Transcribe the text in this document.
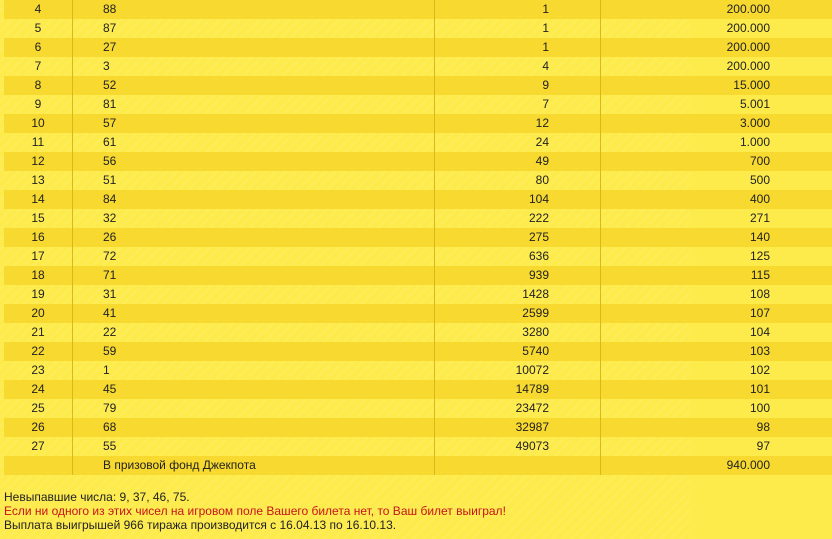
4	88	1	200.000
5	87	1	200.000
6	27	1	200.000
7	3	4	200.000
8	52	9	15.000
9	81	7	5.001
10	57	12	3.000
11	61	24	1.000
12	56	49	700
13	51	80	500
14	84	104	400
15	32	222	271
16	26	275	140
17	72	636	125
18	71	939	115
19	31	1428	108
20	41	2599	107
21	22	3280	104
22	59	5740	103
23	1	10072	102
24	45	14789	101
25	79	23472	100
26	68	32987	98
27	55	49073	97
	В призовой фонд Джекпота		940.000
Невыпавшие числа: 9, 37, 46, 75.
Если ни одного из этих чисел на игровом поле Вашего билета нет, то Ваш билет выиграл!
Выплата выигрышей 966 тиража производится с 16.04.13 по 16.10.13.
